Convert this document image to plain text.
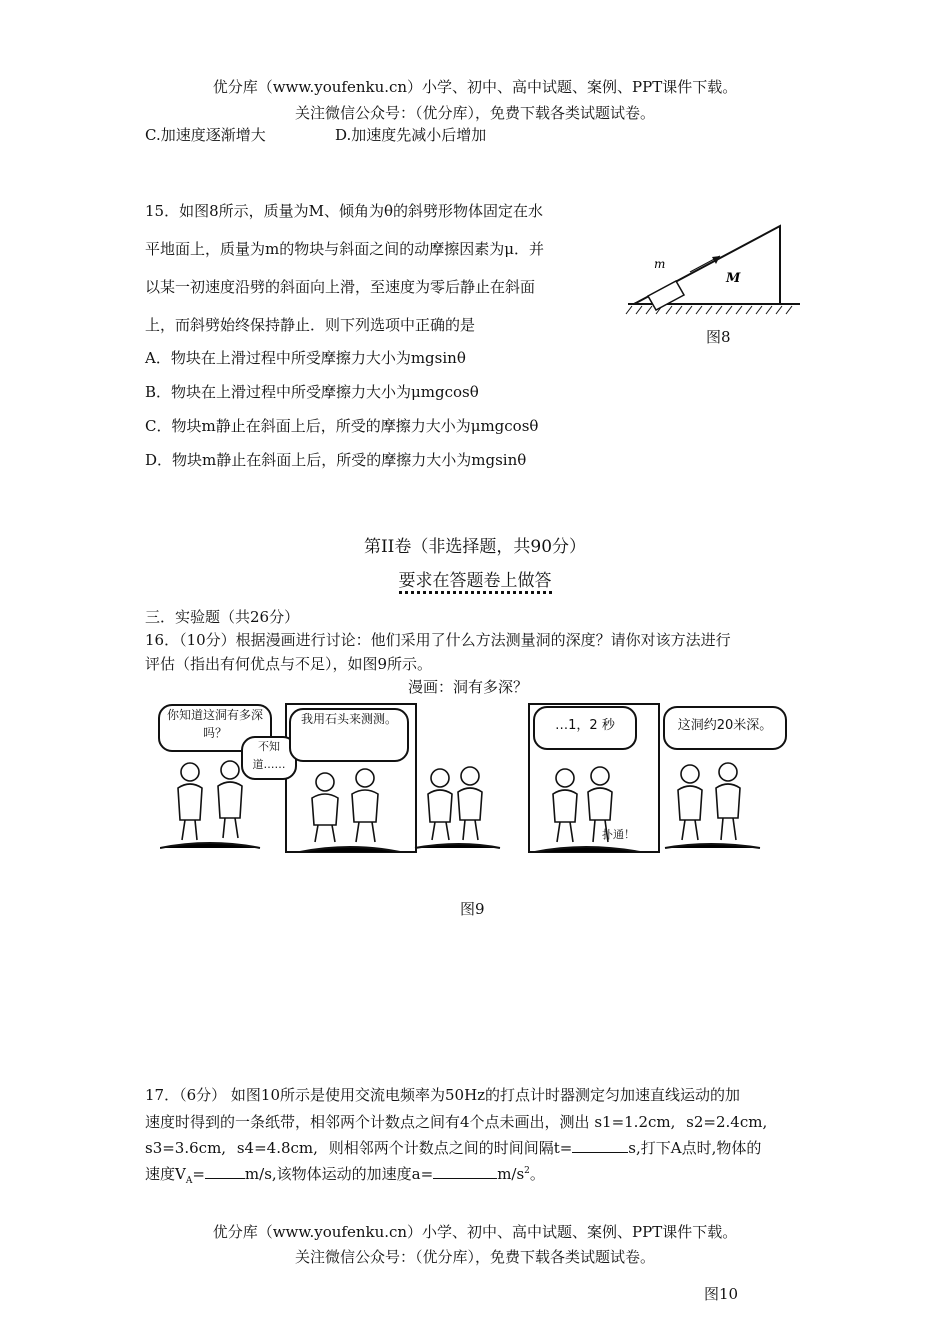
优分库（www.youfenku.cn）小学、初中、高中试题、案例、PPT课件下载。
关注微信公众号：（优分库），免费下载各类试题试卷。
C.加速度逐渐增大	D.加速度先减小后增加
15．如图8所示，质量为M、倾角为θ的斜劈形物体固定在水
平地面上，质量为m的物块与斜面之间的动摩擦因素为μ．并
以某一初速度沿劈的斜面向上滑，至速度为零后静止在斜面
上，而斜劈始终保持静止．则下列选项中正确的是
A．物块在上滑过程中所受摩擦力大小为mgsinθ
B．物块在上滑过程中所受摩擦力大小为μmgcosθ
C．物块m静止在斜面上后，所受的摩擦力大小为μmgcosθ
D．物块m静止在斜面上后，所受的摩擦力大小为mgsinθ
m
M
图8
第II卷（非选择题，共90分）
要求在答题卷上做答
三．实验题（共26分）
16．（10分）根据漫画进行讨论：他们采用了什么方法测量洞的深度？请你对该方法进行
评估（指出有何优点与不足），如图9所示。
漫画：洞有多深？
你知道这洞有多深吗？
不知道……
我用石头来测测。	…1，2 秒	这洞约20米深。
扑通！
图9
17．（6分） 如图10所示是使用交流电频率为50Hz的打点计时器测定匀加速直线运动的加
速度时得到的一条纸带，相邻两个计数点之间有4个点未画出，测出 s1=1.2cm, s2=2.4cm,
s3=3.6cm, s4=4.8cm, 则相邻两个计数点之间的时间间隔t=	s,打下A点时,物体的
速度$V_A=$	m/s,该物体运动的加速度a=	$m/s^2$。
优分库（www.youfenku.cn）小学、初中、高中试题、案例、PPT课件下载。
关注微信公众号：（优分库），免费下载各类试题试卷。
图10
